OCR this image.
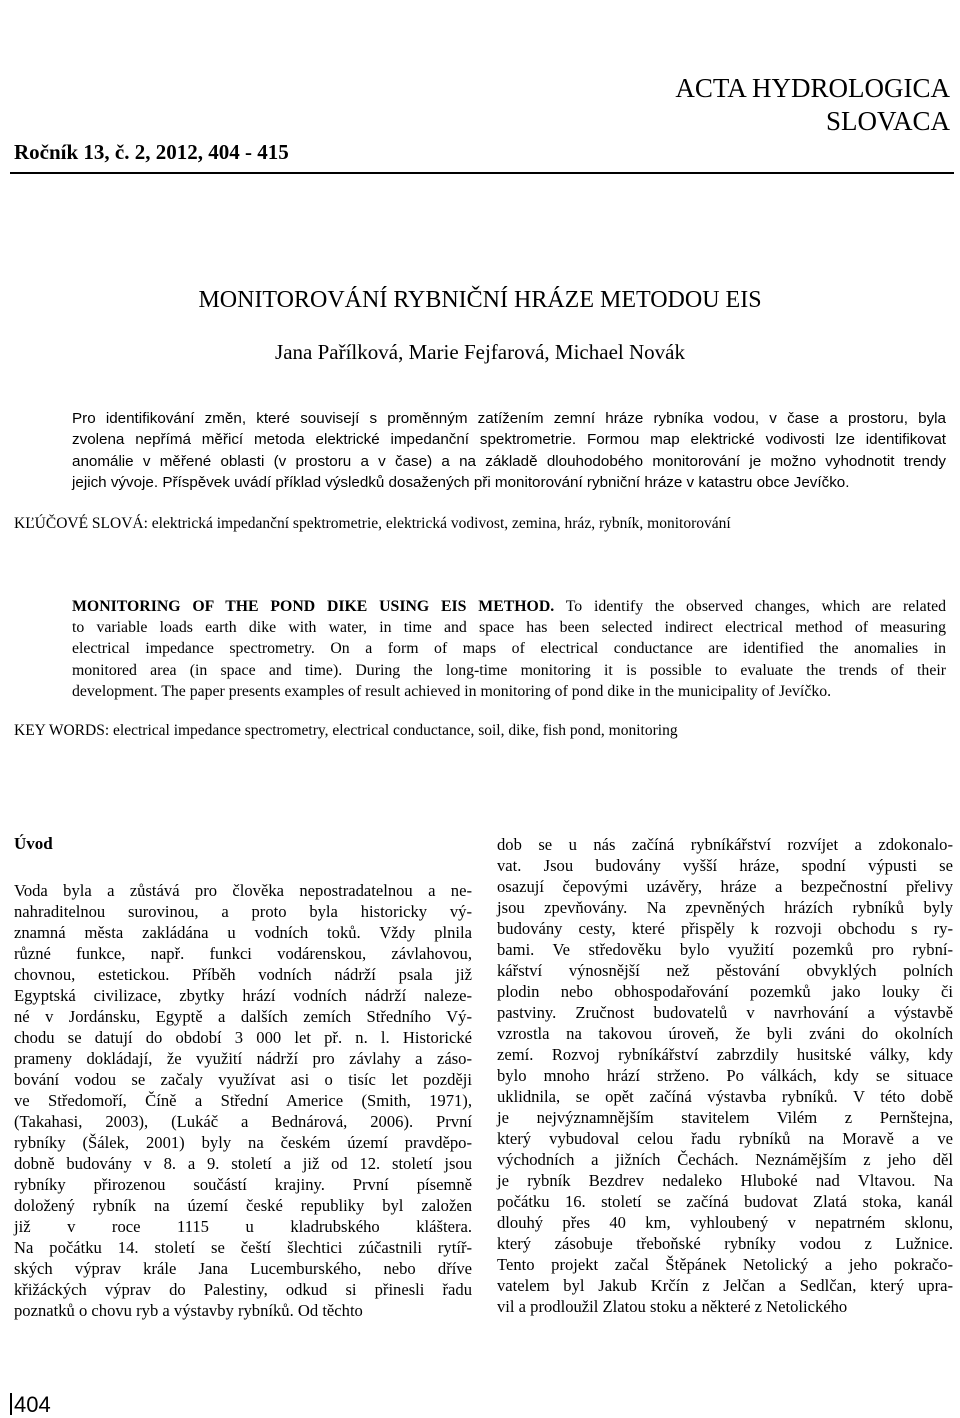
Ročník 13, č. 2, 2012, 404 - 415
ACTA HYDROLOGICA
SLOVACA
MONITOROVÁNÍ RYBNIČNÍ HRÁZE METODOU EIS
Jana Pařílková, Marie Fejfarová, Michael Novák
Pro identifikování změn, které souvisejí s proměnným zatížením zemní hráze rybníka vodou, v čase a prostoru, byla
zvolena nepřímá měřicí metoda elektrické impedanční spektrometrie. Formou map elektrické vodivosti lze identifikovat
anomálie v měřené oblasti (v prostoru a v čase) a na základě dlouhodobého monitorování je možno vyhodnotit trendy
jejich vývoje. Příspěvek uvádí příklad výsledků dosažených při monitorování rybniční hráze v katastru obce Jevíčko.
KĽÚČOVÉ SLOVÁ: elektrická impedanční spektrometrie, elektrická vodivost, zemina, hráz, rybník, monitorování
MONITORING OF THE POND DIKE USING EIS METHOD. To identify the observed changes, which are related
to variable loads earth dike with water, in time and space has been selected indirect electrical method of measuring
electrical impedance spectrometry. On a form of maps of electrical conductance are identified the anomalies in
monitored area (in space and time). During the long-time monitoring it is possible to evaluate the trends of their
development. The paper presents examples of result achieved in monitoring of pond dike in the municipality of Jevíčko.
KEY WORDS: electrical impedance spectrometry, electrical conductance, soil, dike, fish pond, monitoring
Úvod
Voda byla a zůstává pro člověka nepostradatelnou a ne-
nahraditelnou surovinou, a proto byla historicky vý-
znamná města zakládána u vodních toků. Vždy plnila
různé funkce, např. funkci vodárenskou, závlahovou,
chovnou, estetickou. Příběh vodních nádrží psala již
Egyptská civilizace, zbytky hrází vodních nádrží naleze-
né v Jordánsku, Egyptě a dalších zemích Středního Vý-
chodu se datují do období 3 000 let př. n. l. Historické
prameny dokládají, že využití nádrží pro závlahy a záso-
bování vodou se začaly využívat asi o tisíc let později
ve Středomoří, Číně a Střední Americe (Smith, 1971),
(Takahasi, 2003), (Lukáč a Bednárová, 2006). První
rybníky (Šálek, 2001) byly na českém území pravděpo-
dobně budovány v 8. a 9. století a již od 12. století jsou
rybníky přirozenou součástí krajiny. První písemně
doložený rybník na území české republiky byl založen
již v roce 1115 u kladrubského kláštera.
Na počátku 14. století se čeští šlechtici zúčastnili rytíř-
ských výprav krále Jana Lucemburského, nebo dříve
křižáckých výprav do Palestiny, odkud si přinesli řadu
poznatků o chovu ryb a výstavby rybníků. Od těchto
dob se u nás začíná rybníkářství rozvíjet a zdokonalo-
vat. Jsou budovány vyšší hráze, spodní výpusti se
osazují čepovými uzávěry, hráze a bezpečnostní přelivy
jsou zpevňovány. Na zpevněných hrázích rybníků byly
budovány cesty, které přispěly k rozvoji obchodu s ry-
bami. Ve středověku bylo využití pozemků pro rybní-
kářství výnosnější než pěstování obvyklých polních
plodin nebo obhospodařování pozemků jako louky či
pastviny. Zručnost budovatelů v navrhování a výstavbě
vzrostla na takovou úroveň, že byli zváni do okolních
zemí. Rozvoj rybníkářství zabrzdily husitské války, kdy
bylo mnoho hrází strženo. Po válkách, kdy se situace
uklidnila, se opět začíná výstavba rybníků. V této době
je nejvýznamnějším stavitelem Vilém z Pernštejna,
který vybudoval celou řadu rybníků na Moravě a ve
východních a jižních Čechách. Neznámějším z jeho děl
je rybník Bezdrev nedaleko Hluboké nad Vltavou. Na
počátku 16. století se začíná budovat Zlatá stoka, kanál
dlouhý přes 40 km, vyhloubený v nepatrném sklonu,
který zásobuje třeboňské rybníky vodou z Lužnice.
Tento projekt začal Štěpánek Netolický a jeho pokračo-
vatelem byl Jakub Krčín z Jelčan a Sedlčan, který upra-
vil a prodloužil Zlatou stoku a některé z Netolického
404
